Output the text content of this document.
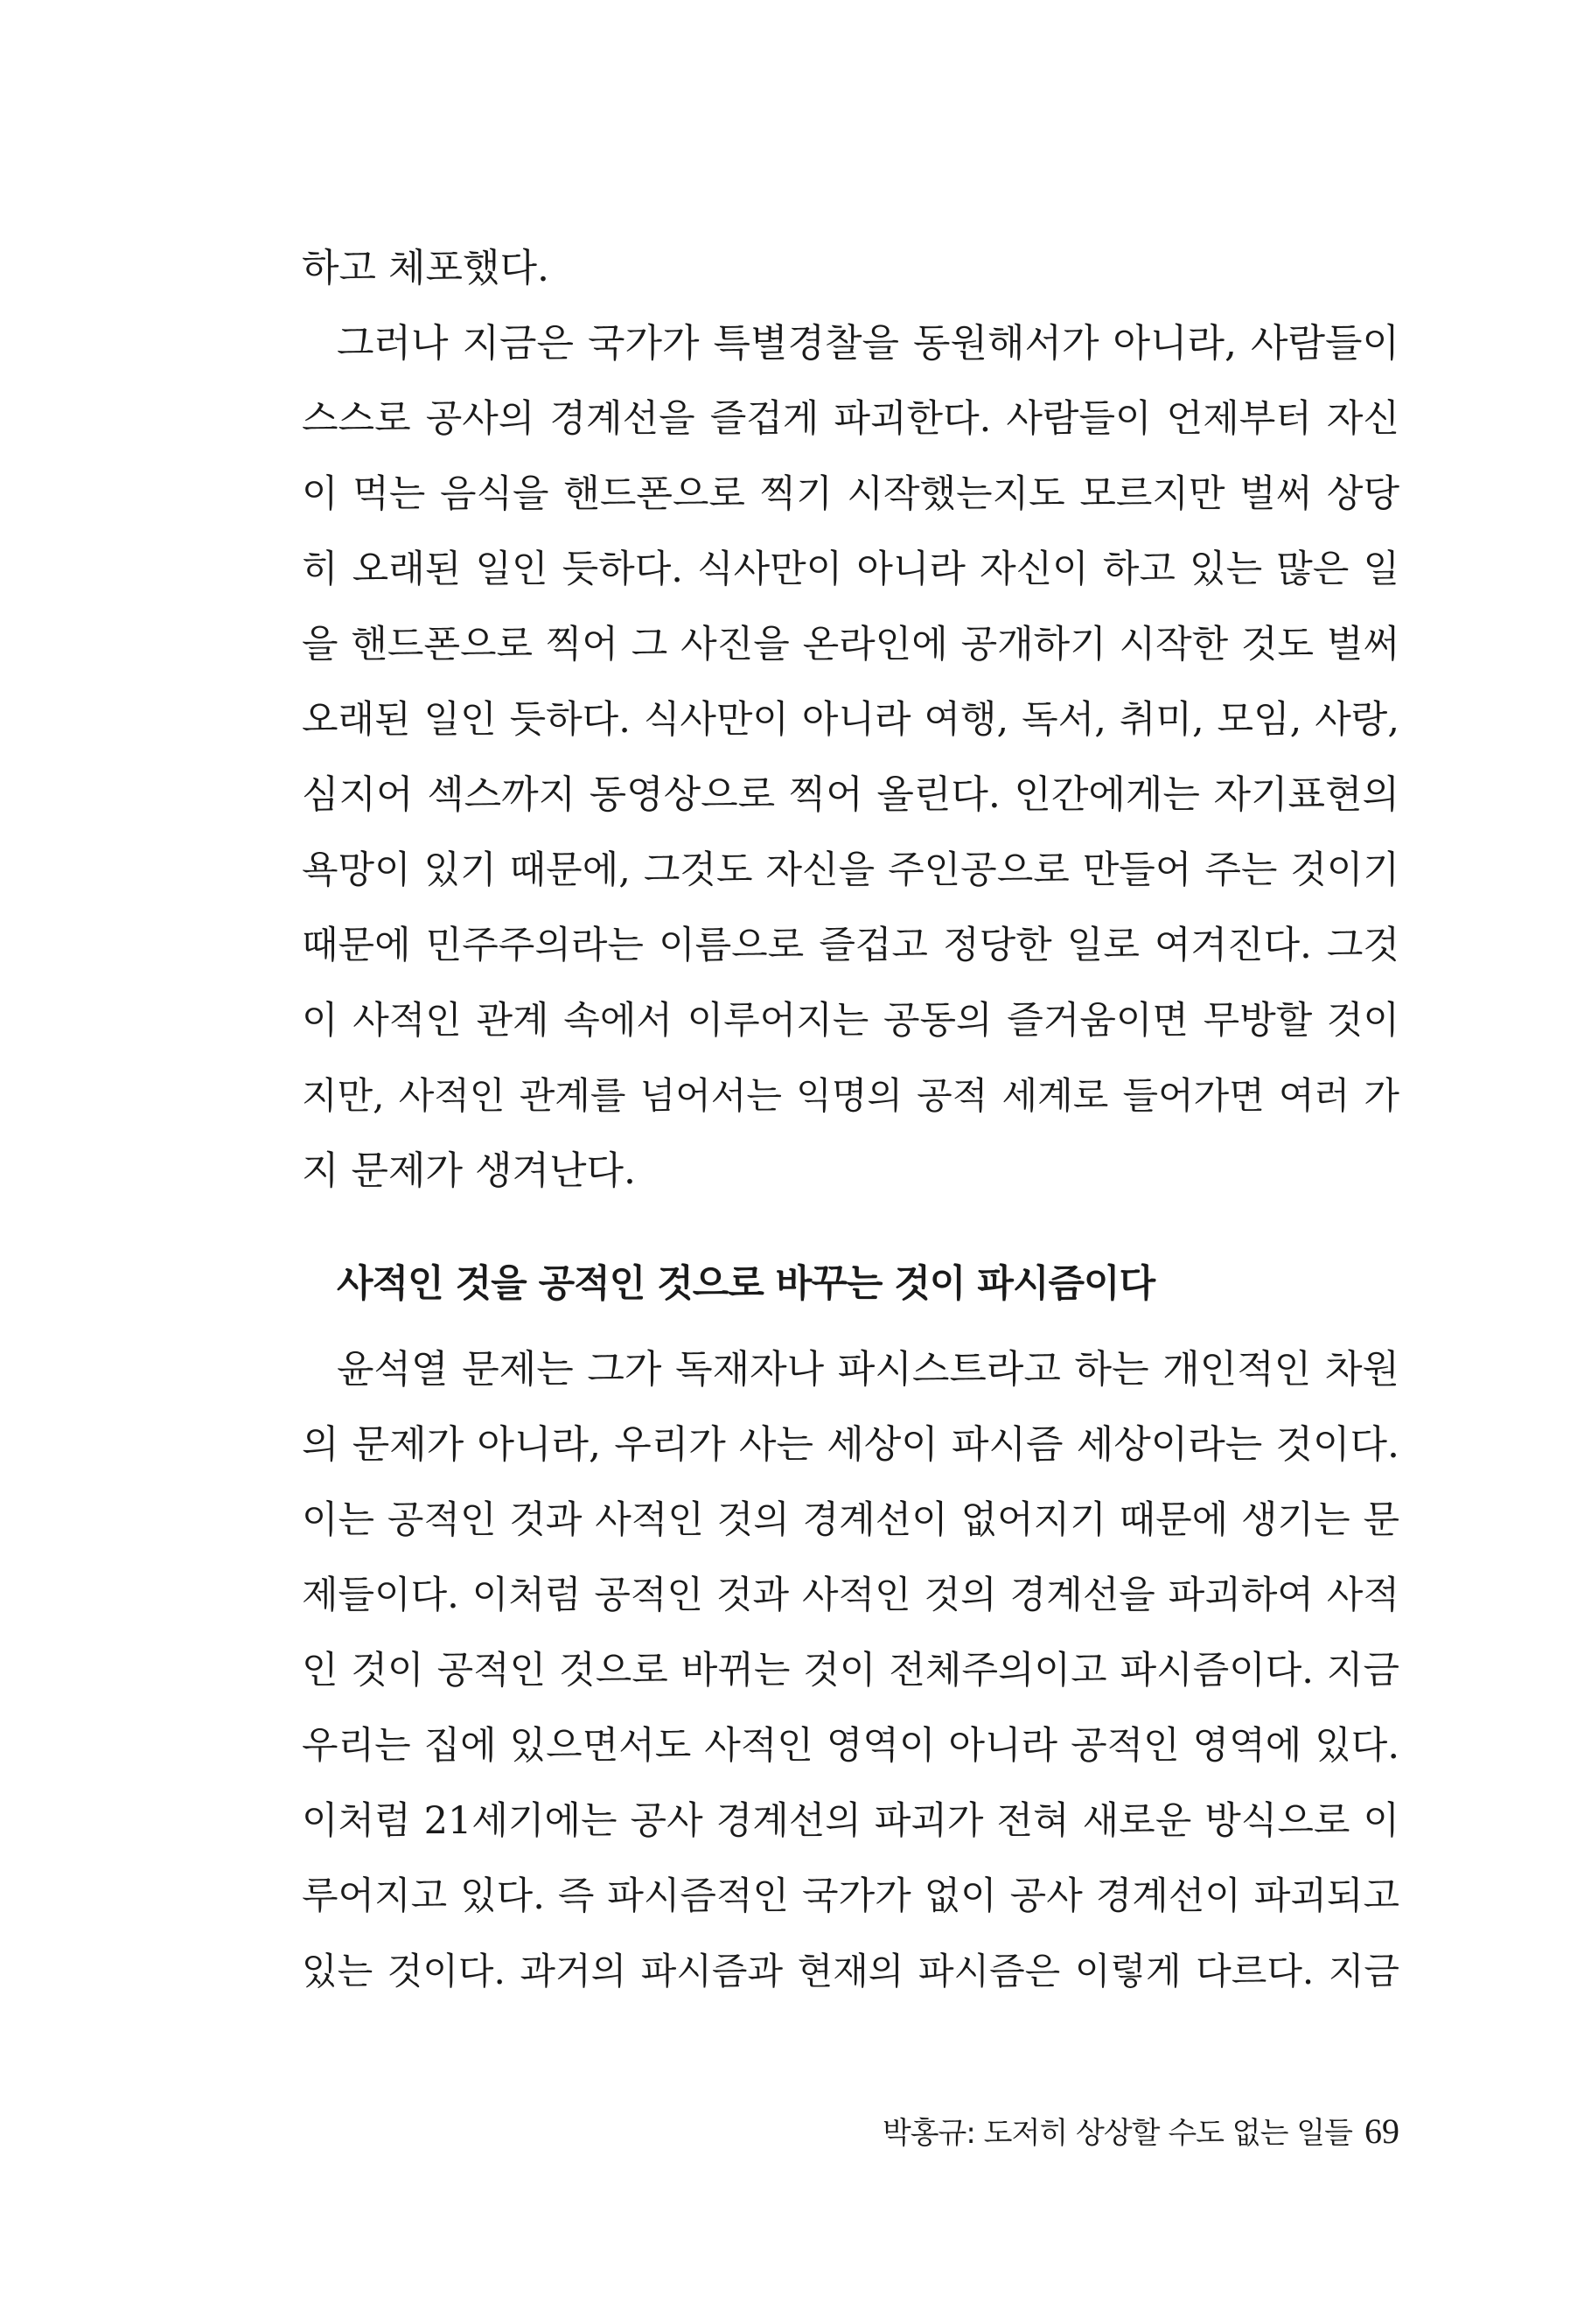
하고 체포했다.
그러나 지금은 국가가 특별경찰을 동원해서가 아니라, 사람들이
스스로 공사의 경계선을 즐겁게 파괴한다. 사람들이 언제부터 자신
이 먹는 음식을 핸드폰으로 찍기 시작했는지도 모르지만 벌써 상당
히 오래된 일인 듯하다. 식사만이 아니라 자신이 하고 있는 많은 일
을 핸드폰으로 찍어 그 사진을 온라인에 공개하기 시작한 것도 벌써
오래된 일인 듯하다. 식사만이 아니라 여행, 독서, 취미, 모임, 사랑,
심지어 섹스까지 동영상으로 찍어 올린다. 인간에게는 자기표현의
욕망이 있기 때문에, 그것도 자신을 주인공으로 만들어 주는 것이기
때문에 민주주의라는 이름으로 즐겁고 정당한 일로 여겨진다. 그것
이 사적인 관계 속에서 이루어지는 공동의 즐거움이면 무방할 것이
지만, 사적인 관계를 넘어서는 익명의 공적 세계로 들어가면 여러 가
지 문제가 생겨난다.
사적인 것을 공적인 것으로 바꾸는 것이 파시즘이다
윤석열 문제는 그가 독재자나 파시스트라고 하는 개인적인 차원
의 문제가 아니라, 우리가 사는 세상이 파시즘 세상이라는 것이다.
이는 공적인 것과 사적인 것의 경계선이 없어지기 때문에 생기는 문
제들이다. 이처럼 공적인 것과 사적인 것의 경계선을 파괴하여 사적
인 것이 공적인 것으로 바뀌는 것이 전체주의이고 파시즘이다. 지금
우리는 집에 있으면서도 사적인 영역이 아니라 공적인 영역에 있다.
이처럼 21세기에는 공사 경계선의 파괴가 전혀 새로운 방식으로 이
루어지고 있다. 즉 파시즘적인 국가가 없이 공사 경계선이 파괴되고
있는 것이다. 과거의 파시즘과 현재의 파시즘은 이렇게 다르다. 지금
박홍규: 도저히 상상할 수도 없는 일들 69
